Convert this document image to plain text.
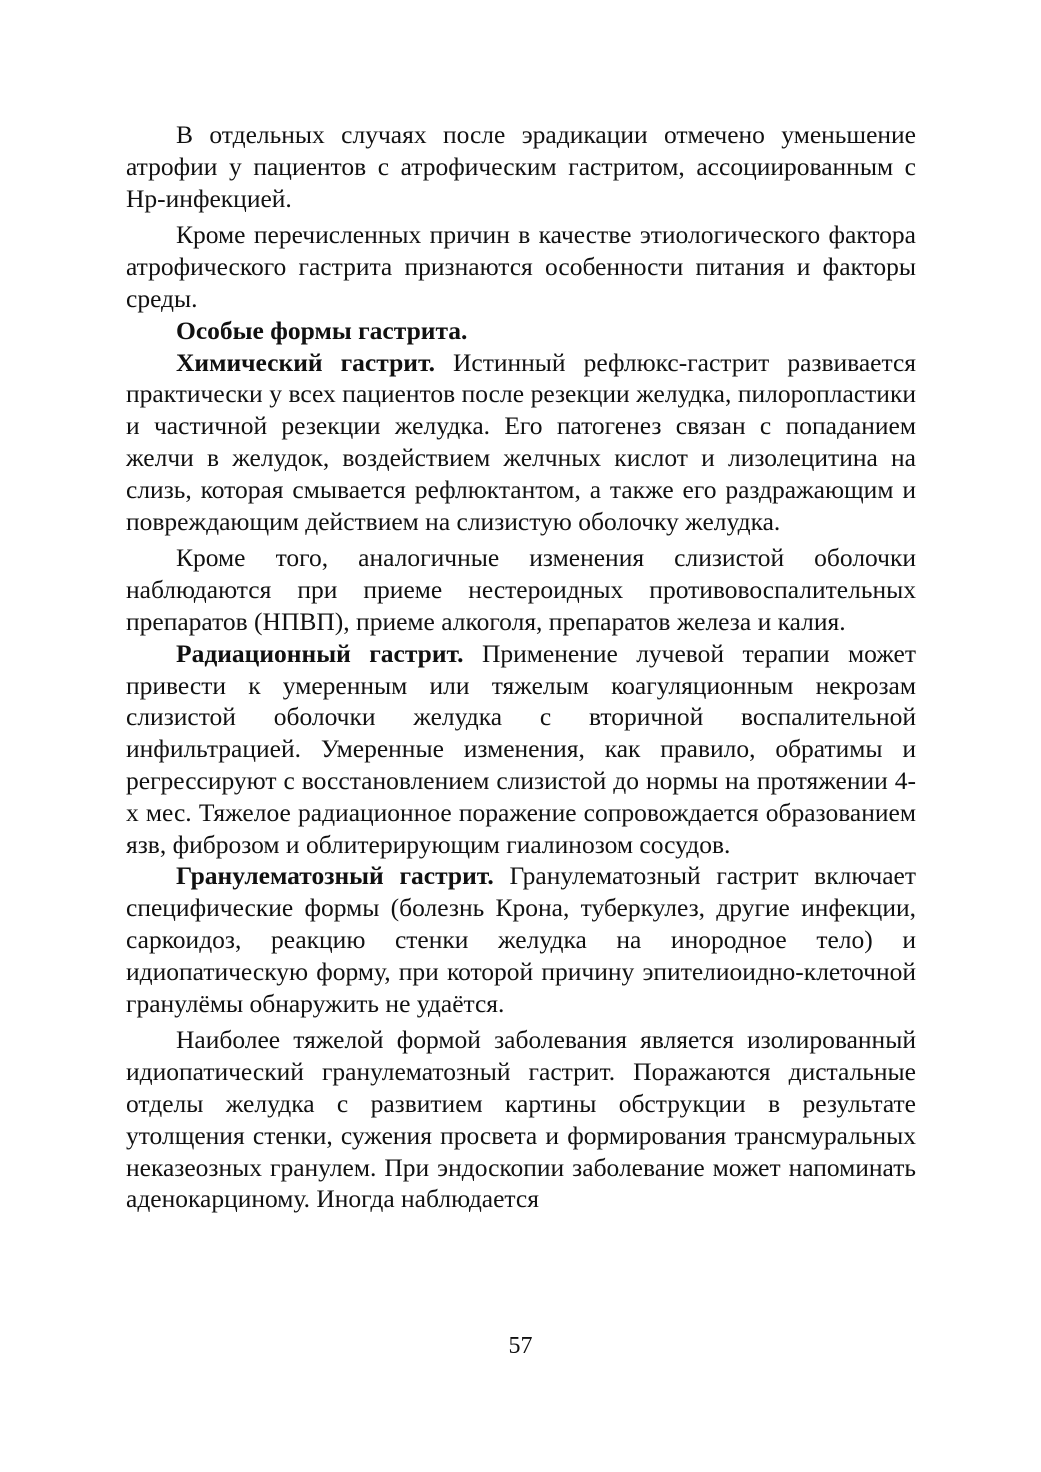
В отдельных случаях после эрадикации отмечено уменьшение атрофии у пациентов с атрофическим гастритом, ассоциированным с Нр-инфекцией.

Кроме перечисленных причин в качестве этиологического фактора атрофического гастрита признаются особенности питания и факторы среды.

Особые формы гастрита.

Химический гастрит. Истинный рефлюкс-гастрит развивается практически у всех пациентов после резекции желудка, пилоропластики и частичной резекции желудка. Его патогенез связан с попаданием желчи в желудок, воздействием желчных кислот и лизолецитина на слизь, которая смывается рефлюктантом, а также его раздражающим и повреждающим действием на слизистую оболочку желудка.

Кроме того, аналогичные изменения слизистой оболочки наблюдаются при приеме нестероидных противовоспалительных препаратов (НПВП), приеме алкоголя, препаратов железа и калия.

Радиационный гастрит. Применение лучевой терапии может привести к умеренным или тяжелым коагуляционным некрозам слизистой оболочки желудка с вторичной воспалительной инфильтрацией. Умеренные изменения, как правило, обратимы и регрессируют с восстановлением слизистой до нормы на протяжении 4-х мес. Тяжелое радиационное поражение сопровождается образованием язв, фиброзом и облитерирующим гиалинозом сосудов.

Гранулематозный гастрит. Гранулематозный гастрит включает специфические формы (болезнь Крона, туберкулез, другие инфекции, саркоидоз, реакцию стенки желудка на инородное тело) и идиопатическую форму, при которой причину эпителиоидно-клеточной гранулёмы обнаружить не удаётся.

Наиболее тяжелой формой заболевания является изолированный идиопатический гранулематозный гастрит. Поражаются дистальные отделы желудка с развитием картины обструкции в результате утолщения стенки, сужения просвета и формирования трансмуральных неказеозных гранулем. При эндоскопии заболевание может напоминать аденокарциному. Иногда наблюдается

57
